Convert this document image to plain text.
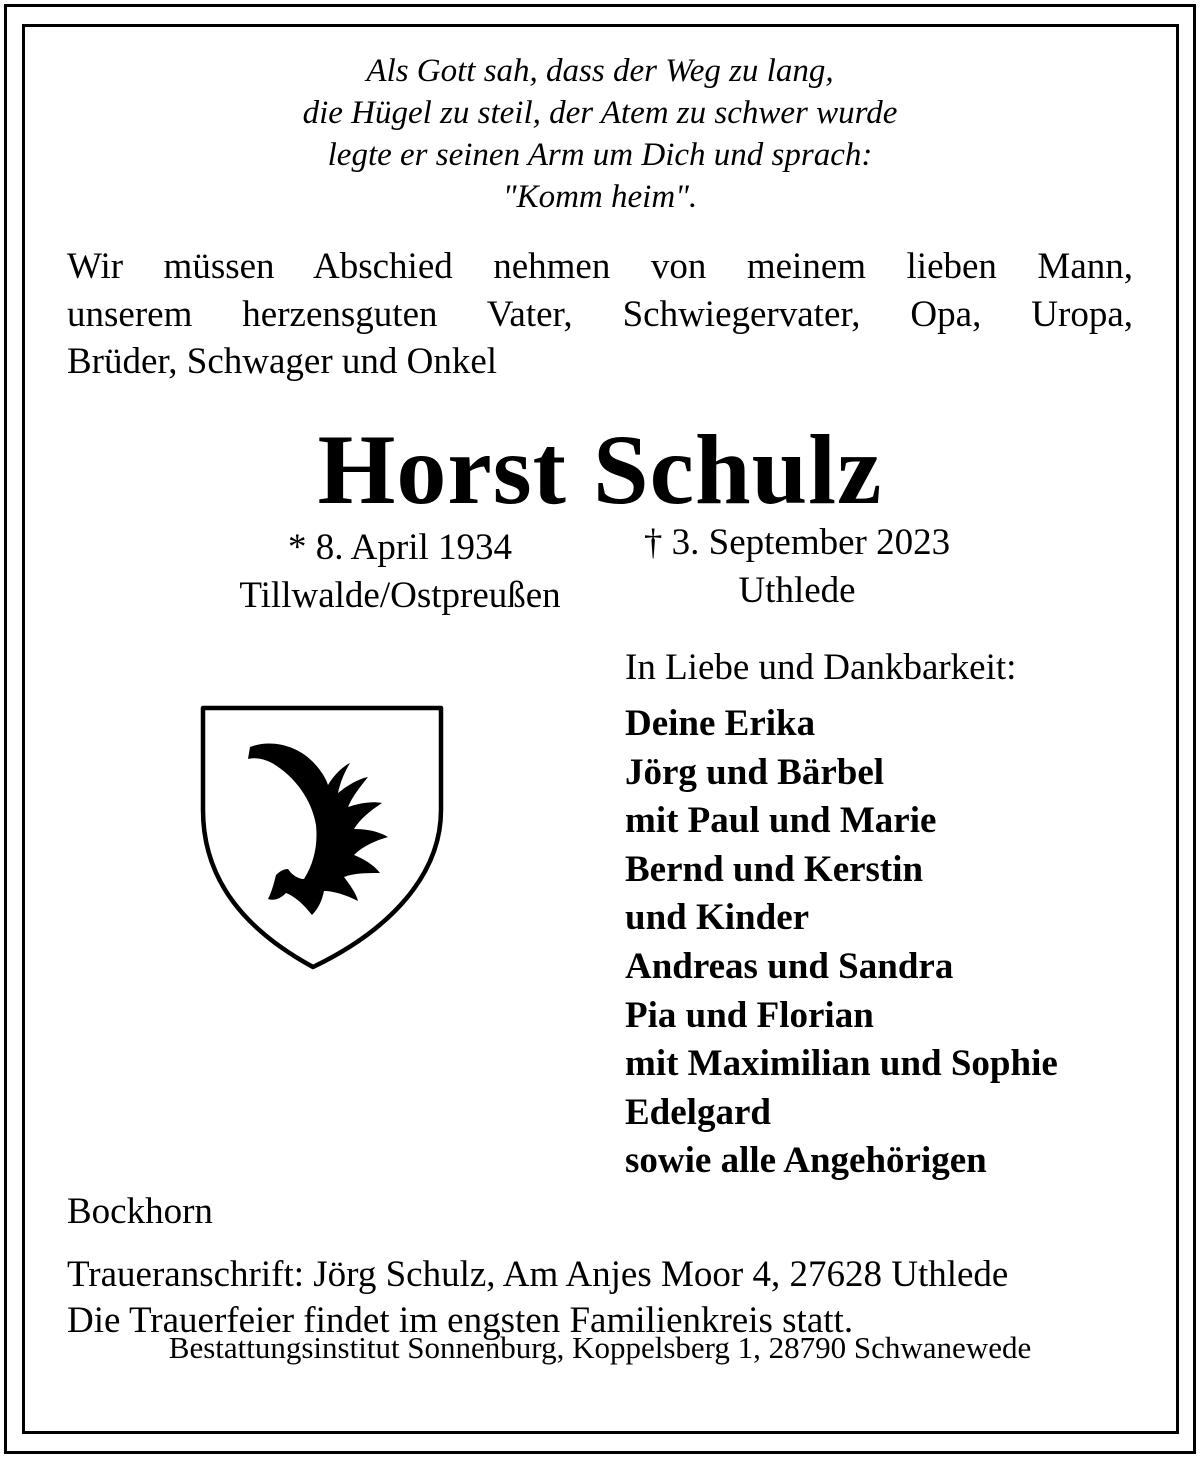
Als Gott sah, dass der Weg zu lang,
die Hügel zu steil, der Atem zu schwer wurde
legte er seinen Arm um Dich und sprach:
"Komm heim".
Wir müssen Abschied nehmen von meinem lieben Mann,
unserem herzensguten Vater, Schwiegervater, Opa, Uropa,
Brüder, Schwager und Onkel
Horst Schulz
* 8. April 1934
Tillwalde/Ostpreußen
† 3. September 2023
Uthlede
In Liebe und Dankbarkeit:
Deine Erika
Jörg und Bärbel
mit Paul und Marie
Bernd und Kerstin
und Kinder
Andreas und Sandra
Pia und Florian
mit Maximilian und Sophie
Edelgard
sowie alle Angehörigen
Bockhorn
Traueranschrift: Jörg Schulz, Am Anjes Moor 4, 27628 Uthlede
Die Trauerfeier findet im engsten Familienkreis statt.
Bestattungsinstitut Sonnenburg, Koppelsberg 1, 28790 Schwanewede
